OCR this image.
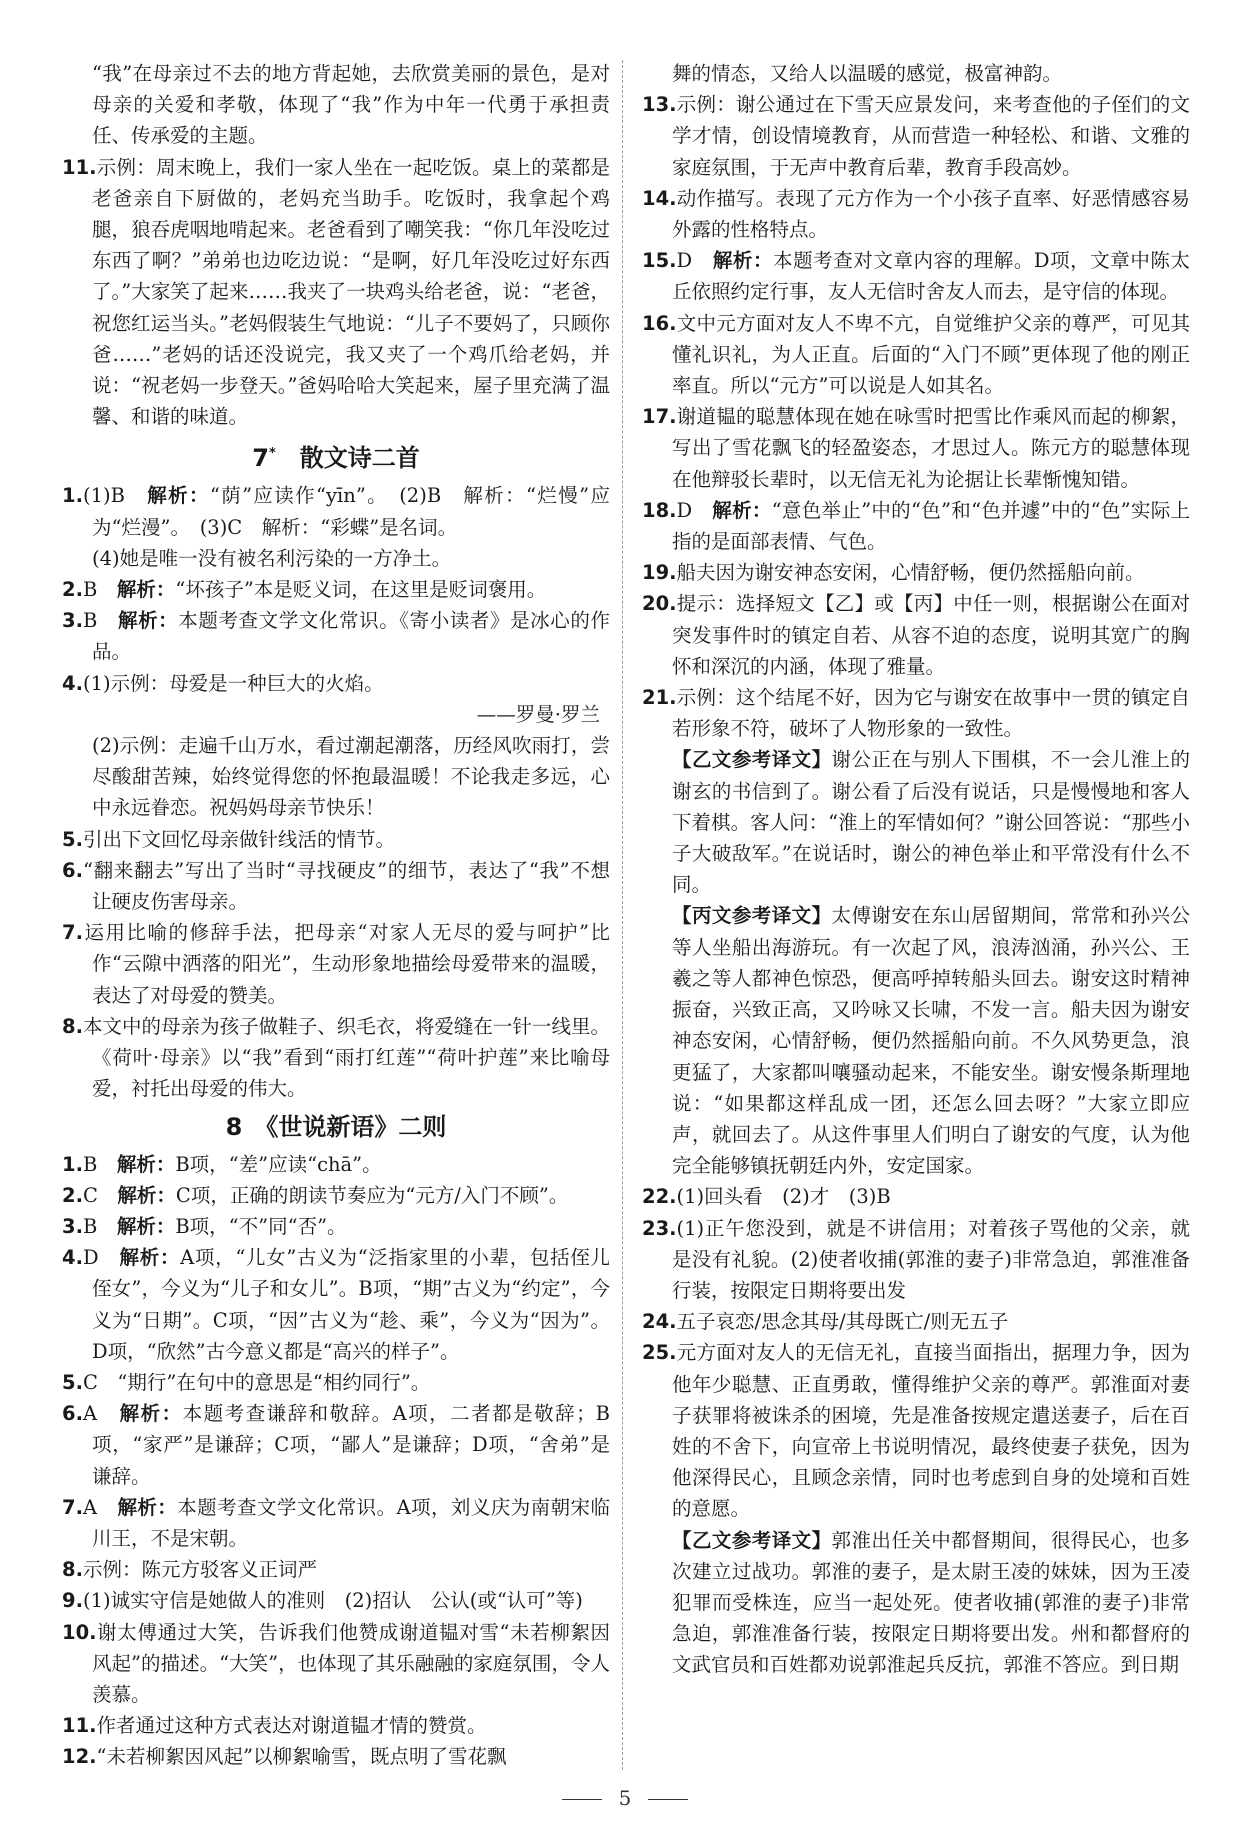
“我”在母亲过不去的地方背起她，去欣赏美丽的景色，是对母亲的关爱和孝敬，体现了“我”作为中年一代勇于承担责任、传承爱的主题。

11.示例：周末晚上，我们一家人坐在一起吃饭。桌上的菜都是老爸亲自下厨做的，老妈充当助手。吃饭时，我拿起个鸡腿，狼吞虎咽地啃起来。老爸看到了嘲笑我：“你几年没吃过东西了啊？”弟弟也边吃边说：“是啊，好几年没吃过好东西了。”大家笑了起来……我夹了一块鸡头给老爸，说：“老爸，祝您红运当头。”老妈假装生气地说：“儿子不要妈了，只顾你爸……”老妈的话还没说完，我又夹了一个鸡爪给老妈，并说：“祝老妈一步登天。”爸妈哈哈大笑起来，屋子里充满了温馨、和谐的味道。

7*　散文诗二首

1.(1)B　解析：“荫”应读作“yīn”。　(2)B　解析：“烂慢”应为“烂漫”。　(3)C　解析：“彩蝶”是名词。

(4)她是唯一没有被名利污染的一方净土。

2.B　解析：“坏孩子”本是贬义词，在这里是贬词褒用。

3.B　解析：本题考查文学文化常识。《寄小读者》是冰心的作品。

4.(1)示例：母爱是一种巨大的火焰。

——罗曼·罗兰

(2)示例：走遍千山万水，看过潮起潮落，历经风吹雨打，尝尽酸甜苦辣，始终觉得您的怀抱最温暖！不论我走多远，心中永远眷恋。祝妈妈母亲节快乐！

5.引出下文回忆母亲做针线活的情节。

6.“翻来翻去”写出了当时“寻找硬皮”的细节，表达了“我”不想让硬皮伤害母亲。

7.运用比喻的修辞手法，把母亲“对家人无尽的爱与呵护”比作“云隙中洒落的阳光”，生动形象地描绘母爱带来的温暖，表达了对母爱的赞美。

8.本文中的母亲为孩子做鞋子、织毛衣，将爱缝在一针一线里。《荷叶·母亲》以“我”看到“雨打红莲”“荷叶护莲”来比喻母爱，衬托出母爱的伟大。

8　《世说新语》二则

1.B　解析：B项，“差”应读“chā”。

2.C　解析：C项，正确的朗读节奏应为“元方/入门不顾”。

3.B　解析：B项，“不”同“否”。

4.D　解析：A项，“儿女”古义为“泛指家里的小辈，包括侄儿侄女”，今义为“儿子和女儿”。B项，“期”古义为“约定”，今义为“日期”。C项，“因”古义为“趁、乘”，今义为“因为”。D项，“欣然”古今意义都是“高兴的样子”。

5.C　“期行”在句中的意思是“相约同行”。

6.A　解析：本题考查谦辞和敬辞。A项，二者都是敬辞；B项，“家严”是谦辞；C项，“鄙人”是谦辞；D项，“舍弟”是谦辞。

7.A　解析：本题考查文学文化常识。A项，刘义庆为南朝宋临川王，不是宋朝。

8.示例：陈元方驳客义正词严

9.(1)诚实守信是她做人的准则　(2)招认　公认(或“认可”等)

10.谢太傅通过大笑，告诉我们他赞成谢道韫对雪“未若柳絮因风起”的描述。“大笑”，也体现了其乐融融的家庭氛围，令人羡慕。

11.作者通过这种方式表达对谢道韫才情的赞赏。

12.“未若柳絮因风起”以柳絮喻雪，既点明了雪花飘

舞的情态，又给人以温暖的感觉，极富神韵。

13.示例：谢公通过在下雪天应景发问，来考查他的子侄们的文学才情，创设情境教育，从而营造一种轻松、和谐、文雅的家庭氛围，于无声中教育后辈，教育手段高妙。

14.动作描写。表现了元方作为一个小孩子直率、好恶情感容易外露的性格特点。

15.D　解析：本题考查对文章内容的理解。D项，文章中陈太丘依照约定行事，友人无信时舍友人而去，是守信的体现。

16.文中元方面对友人不卑不亢，自觉维护父亲的尊严，可见其懂礼识礼，为人正直。后面的“入门不顾”更体现了他的刚正率直。所以“元方”可以说是人如其名。

17.谢道韫的聪慧体现在她在咏雪时把雪比作乘风而起的柳絮，写出了雪花飘飞的轻盈姿态，才思过人。陈元方的聪慧体现在他辩驳长辈时，以无信无礼为论据让长辈惭愧知错。

18.D　解析：“意色举止”中的“色”和“色并遽”中的“色”实际上指的是面部表情、气色。

19.船夫因为谢安神态安闲，心情舒畅，便仍然摇船向前。

20.提示：选择短文【乙】或【丙】中任一则，根据谢公在面对突发事件时的镇定自若、从容不迫的态度，说明其宽广的胸怀和深沉的内涵，体现了雅量。

21.示例：这个结尾不好，因为它与谢安在故事中一贯的镇定自若形象不符，破坏了人物形象的一致性。

【乙文参考译文】谢公正在与别人下围棋，不一会儿淮上的谢玄的书信到了。谢公看了后没有说话，只是慢慢地和客人下着棋。客人问：“淮上的军情如何？”谢公回答说：“那些小子大破敌军。”在说话时，谢公的神色举止和平常没有什么不同。

【丙文参考译文】太傅谢安在东山居留期间，常常和孙兴公等人坐船出海游玩。有一次起了风，浪涛汹涌，孙兴公、王羲之等人都神色惊恐，便高呼掉转船头回去。谢安这时精神振奋，兴致正高，又吟咏又长啸，不发一言。船夫因为谢安神态安闲，心情舒畅，便仍然摇船向前。不久风势更急，浪更猛了，大家都叫嚷骚动起来，不能安坐。谢安慢条斯理地说：“如果都这样乱成一团，还怎么回去呀？”大家立即应声，就回去了。从这件事里人们明白了谢安的气度，认为他完全能够镇抚朝廷内外，安定国家。

22.(1)回头看　(2)才　(3)B

23.(1)正午您没到，就是不讲信用；对着孩子骂他的父亲，就是没有礼貌。(2)使者收捕(郭淮的妻子)非常急迫，郭淮准备行装，按限定日期将要出发

24.五子哀恋/思念其母/其母既亡/则无五子

25.元方面对友人的无信无礼，直接当面指出，据理力争，因为他年少聪慧、正直勇敢，懂得维护父亲的尊严。郭淮面对妻子获罪将被诛杀的困境，先是准备按规定遣送妻子，后在百姓的不舍下，向宣帝上书说明情况，最终使妻子获免，因为他深得民心，且顾念亲情，同时也考虑到自身的处境和百姓的意愿。

【乙文参考译文】郭淮出任关中都督期间，很得民心，也多次建立过战功。郭淮的妻子，是太尉王凌的妹妹，因为王凌犯罪而受株连，应当一起处死。使者收捕(郭淮的妻子)非常急迫，郭淮准备行装，按限定日期将要出发。州和都督府的文武官员和百姓都劝说郭淮起兵反抗，郭淮不答应。到日期

5
